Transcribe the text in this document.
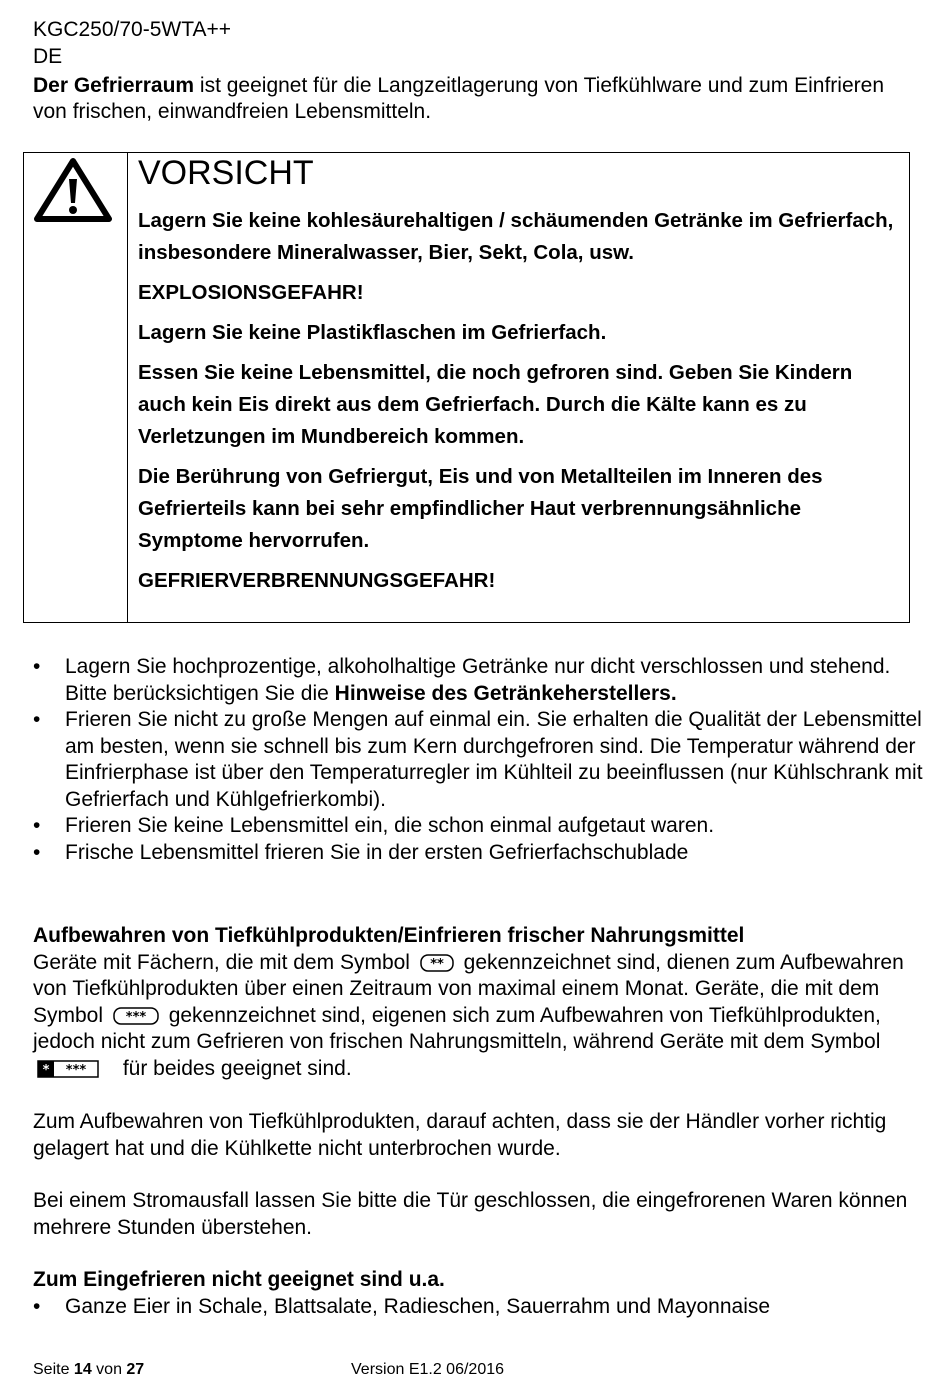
KGC250/70-5WTA++
DE
Der Gefrierraum ist geeignet für die Langzeitlagerung von Tiefkühlware und zum Einfrieren von frischen, einwandfreien Lebensmitteln.
VORSICHT
Lagern Sie keine kohlesäurehaltigen / schäumenden Getränke im Gefrierfach, insbesondere Mineralwasser, Bier, Sekt, Cola, usw.
EXPLOSIONSGEFAHR!
Lagern Sie keine Plastikflaschen im Gefrierfach.
Essen Sie keine Lebensmittel, die noch gefroren sind. Geben Sie Kindern auch kein Eis direkt aus dem Gefrierfach. Durch die Kälte kann es zu Verletzungen im Mundbereich kommen.
Die Berührung von Gefriergut, Eis und von Metallteilen im Inneren des Gefrierteils kann bei sehr empfindlicher Haut verbrennungsähnliche Symptome hervorrufen.
GEFRIERVERBRENNUNGSGEFAHR!
• Lagern Sie hochprozentige, alkoholhaltige Getränke nur dicht verschlossen und stehend. Bitte berücksichtigen Sie die Hinweise des Getränkeherstellers.
• Frieren Sie nicht zu große Mengen auf einmal ein. Sie erhalten die Qualität der Lebensmittel am besten, wenn sie schnell bis zum Kern durchgefroren sind. Die Temperatur während der Einfrierphase ist über den Temperaturregler im Kühlteil zu beeinflussen (nur Kühlschrank mit Gefrierfach und Kühlgefrierkombi).
• Frieren Sie keine Lebensmittel ein, die schon einmal aufgetaut waren.
• Frische Lebensmittel frieren Sie in der ersten Gefrierfachschublade
Aufbewahren von Tiefkühlprodukten/Einfrieren frischer Nahrungsmittel
Geräte mit Fächern, die mit dem Symbol ** gekennzeichnet sind, dienen zum Aufbewahren von Tiefkühlprodukten über einen Zeitraum von maximal einem Monat. Geräte, die mit dem Symbol *** gekennzeichnet sind, eigenen sich zum Aufbewahren von Tiefkühlprodukten, jedoch nicht zum Gefrieren von frischen Nahrungsmitteln, während Geräte mit dem Symbol
* *** für beides geeignet sind.
Zum Aufbewahren von Tiefkühlprodukten, darauf achten, dass sie der Händler vorher richtig gelagert hat und die Kühlkette nicht unterbrochen wurde.
Bei einem Stromausfall lassen Sie bitte die Tür geschlossen, die eingefrorenen Waren können mehrere Stunden überstehen.
Zum Eingefrieren nicht geeignet sind u.a.
• Ganze Eier in Schale, Blattsalate, Radieschen, Sauerrahm und Mayonnaise
Seite 14 von 27	Version E1.2 06/2016
